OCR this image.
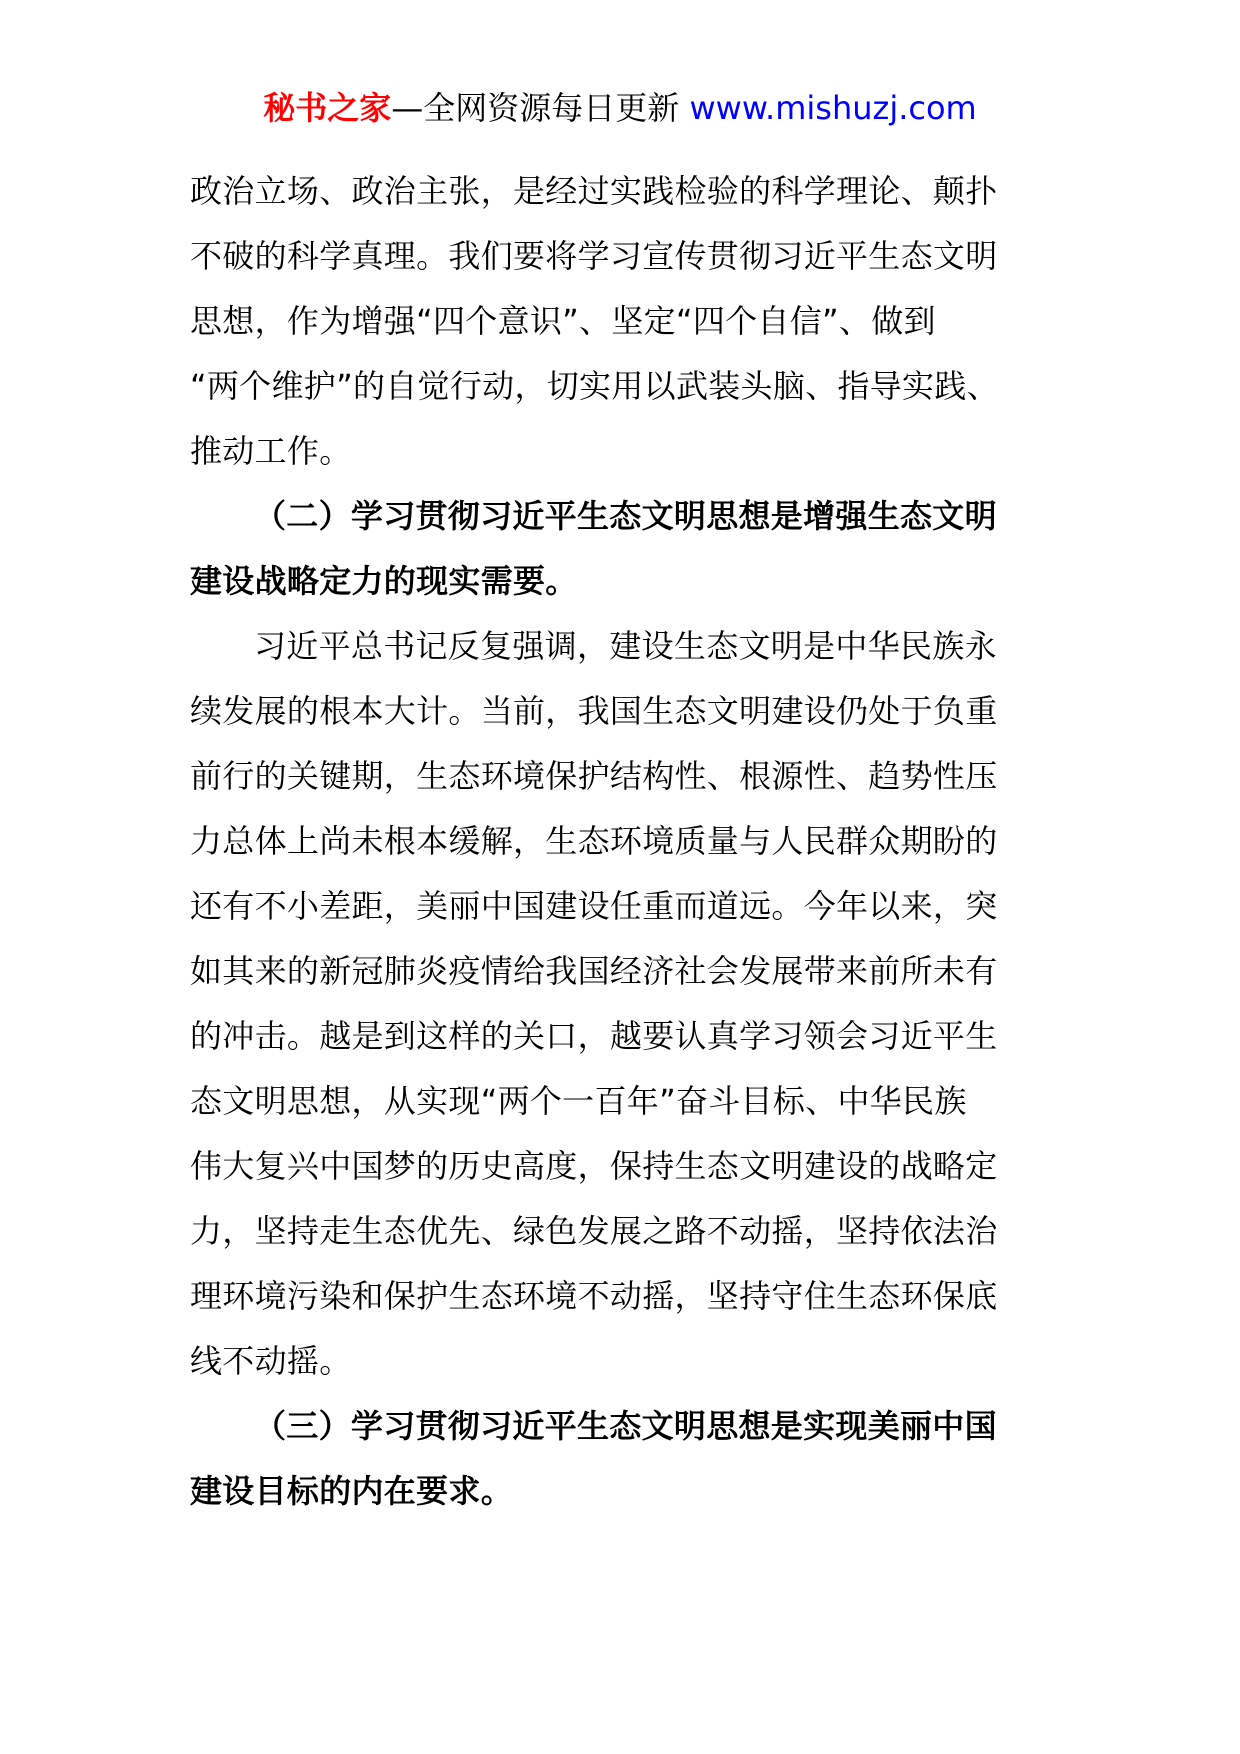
秘书之家—全网资源每日更新 www.mishuzj.com
政治立场、政治主张，是经过实践检验的科学理论、颠扑
不破的科学真理。我们要将学习宣传贯彻习近平生态文明
思想，作为增强“四个意识”、坚定“四个自信”、做到
“两个维护”的自觉行动，切实用以武装头脑、指导实践、
推动工作。
（二）学习贯彻习近平生态文明思想是增强生态文明
建设战略定力的现实需要。
习近平总书记反复强调，建设生态文明是中华民族永
续发展的根本大计。当前，我国生态文明建设仍处于负重
前行的关键期，生态环境保护结构性、根源性、趋势性压
力总体上尚未根本缓解，生态环境质量与人民群众期盼的
还有不小差距，美丽中国建设任重而道远。今年以来，突
如其来的新冠肺炎疫情给我国经济社会发展带来前所未有
的冲击。越是到这样的关口，越要认真学习领会习近平生
态文明思想，从实现“两个一百年”奋斗目标、中华民族
伟大复兴中国梦的历史高度，保持生态文明建设的战略定
力，坚持走生态优先、绿色发展之路不动摇，坚持依法治
理环境污染和保护生态环境不动摇，坚持守住生态环保底
线不动摇。
（三）学习贯彻习近平生态文明思想是实现美丽中国
建设目标的内在要求。
